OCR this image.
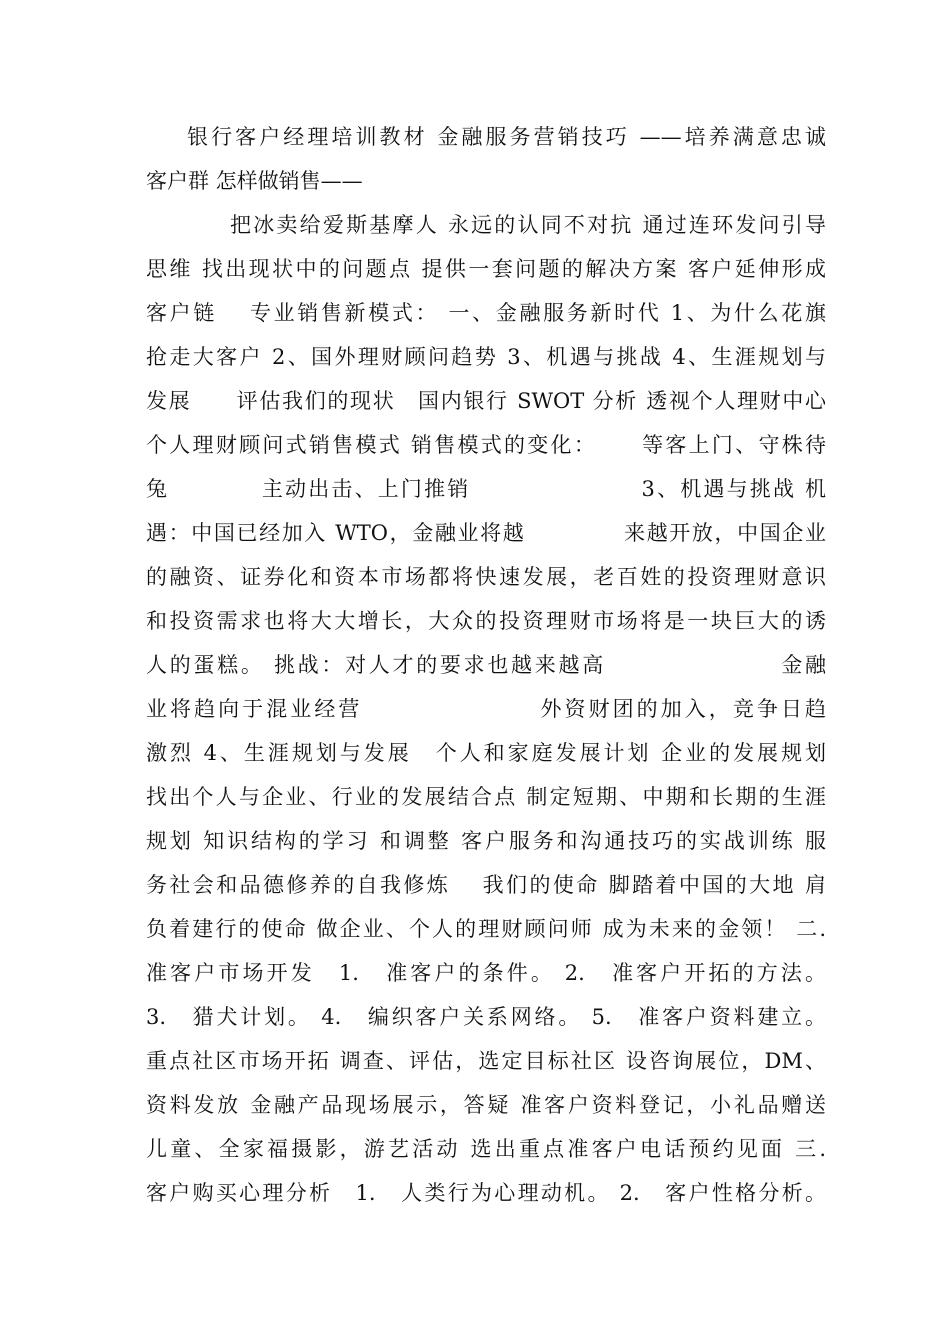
银行客户经理培训教材 金融服务营销技巧 ——培养满意忠诚
客户群 怎样做销售——
把冰卖给爱斯基摩人 永远的认同不对抗 通过连环发问引导
思维 找出现状中的问题点 提供一套问题的解决方案 客户延伸形成
客户链　 专业销售新模式： 一、金融服务新时代 1、为什么花旗
抢走大客户 2、国外理财顾问趋势 3、机遇与挑战 4、生涯规划与
发展　　评估我们的现状　国内银行 SWOT 分析 透视个人理财中心
个人理财顾问式销售模式 销售模式的变化：　　 等客上门、守株待
兔　　　　主动出击、上门推销　　　　　　　 3、机遇与挑战 机
遇：中国已经加入 WTO，金融业将越　　　　 来越开放，中国企业
的融资、证券化和资本市场都将快速发展，老百姓的投资理财意识
和投资需求也将大大增长，大众的投资理财市场将是一块巨大的诱
人的蛋糕。 挑战：对人才的要求也越来越高　　　　　　　 金融
业将趋向于混业经营　　　　　　　 外资财团的加入，竞争日趋
激烈 4、生涯规划与发展　个人和家庭发展计划 企业的发展规划
找出个人与企业、行业的发展结合点 制定短期、中期和长期的生涯
规划 知识结构的学习 和调整 客户服务和沟通技巧的实战训练 服
务社会和品德修养的自我修炼　 我们的使命 脚踏着中国的大地 肩
负着建行的使命 做企业、个人的理财顾问师 成为未来的金领！ 二.
准客户市场开发　1.　准客户的条件。 2.　准客户开拓的方法。
3.　猎犬计划。 4.　编织客户关系网络。 5.　准客户资料建立。
重点社区市场开拓 调查、评估，选定目标社区 设咨询展位，DM、
资料发放 金融产品现场展示，答疑 准客户资料登记，小礼品赠送
儿童、全家福摄影，游艺活动 选出重点准客户电话预约见面 三.
客户购买心理分析　1.　人类行为心理动机。 2.　客户性格分析。
